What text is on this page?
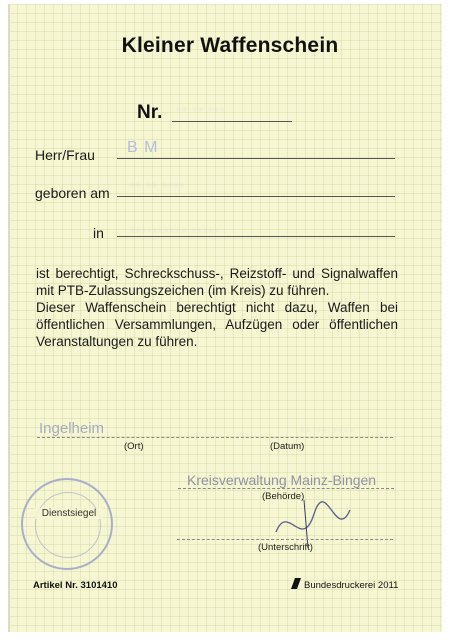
Kleiner Waffenschein
Nr. ·· ·· ···
Herr/Frau B M
geboren am
·· ·· ····
in ·········· ·····

ist berechtigt, Schreckschuss-, Reizstoff- und Signalwaffen mit PTB-Zulassungszeichen (im Kreis) zu führen.

Dieser Waffenschein berechtigt nicht dazu, Waffen bei öffentlichen Versammlungen, Aufzügen oder öffentlichen Veranstaltungen zu führen.

Ingelheim	·· ·· ····
(Ort)	(Datum)
Kreisverwaltung Mainz-Bingen
(Behörde)
(Unterschrift)
Dienstsiegel
Artikel Nr. 3101410	Bundesdruckerei 2011
